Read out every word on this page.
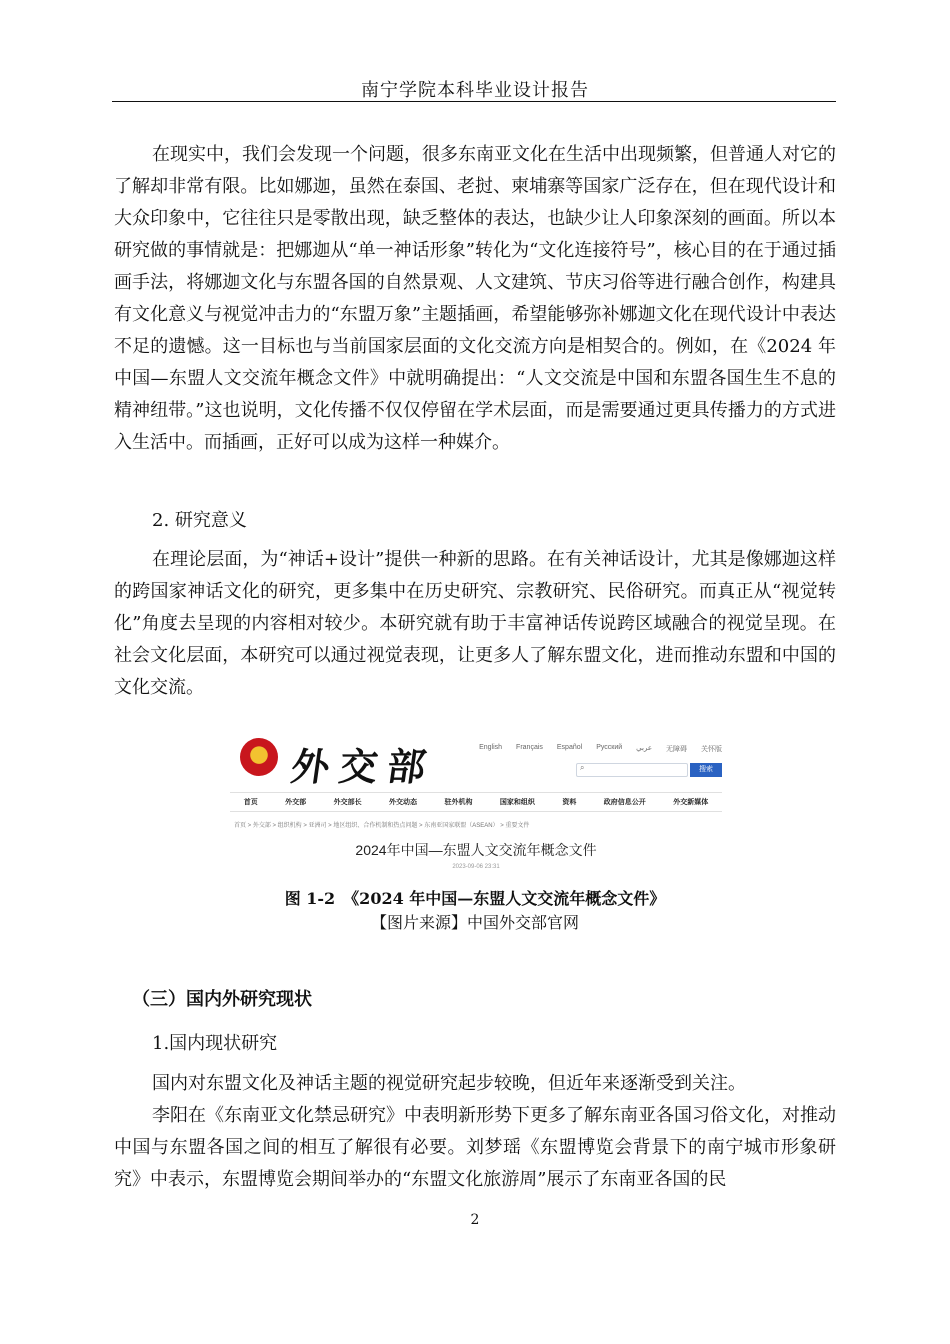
南宁学院本科毕业设计报告

在现实中，我们会发现一个问题，很多东南亚文化在生活中出现频繁，但普通人对它的了解却非常有限。比如娜迦，虽然在泰国、老挝、柬埔寨等国家广泛存在，但在现代设计和大众印象中，它往往只是零散出现，缺乏整体的表达，也缺少让人印象深刻的画面。所以本研究做的事情就是：把娜迦从“单一神话形象”转化为“文化连接符号”，核心目的在于通过插画手法，将娜迦文化与东盟各国的自然景观、人文建筑、节庆习俗等进行融合创作，构建具有文化意义与视觉冲击力的“东盟万象”主题插画，希望能够弥补娜迦文化在现代设计中表达不足的遗憾。这一目标也与当前国家层面的文化交流方向是相契合的。例如，在《2024 年中国—东盟人文交流年概念文件》中就明确提出：“人文交流是中国和东盟各国生生不息的精神纽带。”这也说明，文化传播不仅仅停留在学术层面，而是需要通过更具传播力的方式进入生活中。而插画，正好可以成为这样一种媒介。

2. 研究意义

在理论层面，为“神话+设计”提供一种新的思路。在有关神话设计，尤其是像娜迦这样的跨国家神话文化的研究，更多集中在历史研究、宗教研究、民俗研究。而真正从“视觉转化”角度去呈现的内容相对较少。本研究就有助于丰富神话传说跨区域融合的视觉呈现。在社会文化层面，本研究可以通过视觉表现，让更多人了解东盟文化，进而推动东盟和中国的文化交流。

★ 外交部	English Français Español Русский عربي 无障碍 关怀版
⌕	搜索
首页	外交部	外交部长	外交动态	驻外机构	国家和组织	资料	政府信息公开	外交新媒体
首页 > 外交部 > 组织机构 > 亚洲司 > 地区组织、合作机制和热点问题 > 东南亚国家联盟（ASEAN） > 重要文件
2024年中国—东盟人文交流年概念文件
2023-09-06 23:31
图 1-2　《2024 年中国—东盟人文交流年概念文件》
【图片来源】中国外交部官网
（三）国内外研究现状
1.国内现状研究

国内对东盟文化及神话主题的视觉研究起步较晚，但近年来逐渐受到关注。

李阳在《东南亚文化禁忌研究》中表明新形势下更多了解东南亚各国习俗文化，对推动中国与东盟各国之间的相互了解很有必要。刘梦瑶《东盟博览会背景下的南宁城市形象研究》中表示，东盟博览会期间举办的“东盟文化旅游周”展示了东南亚各国的民

2
